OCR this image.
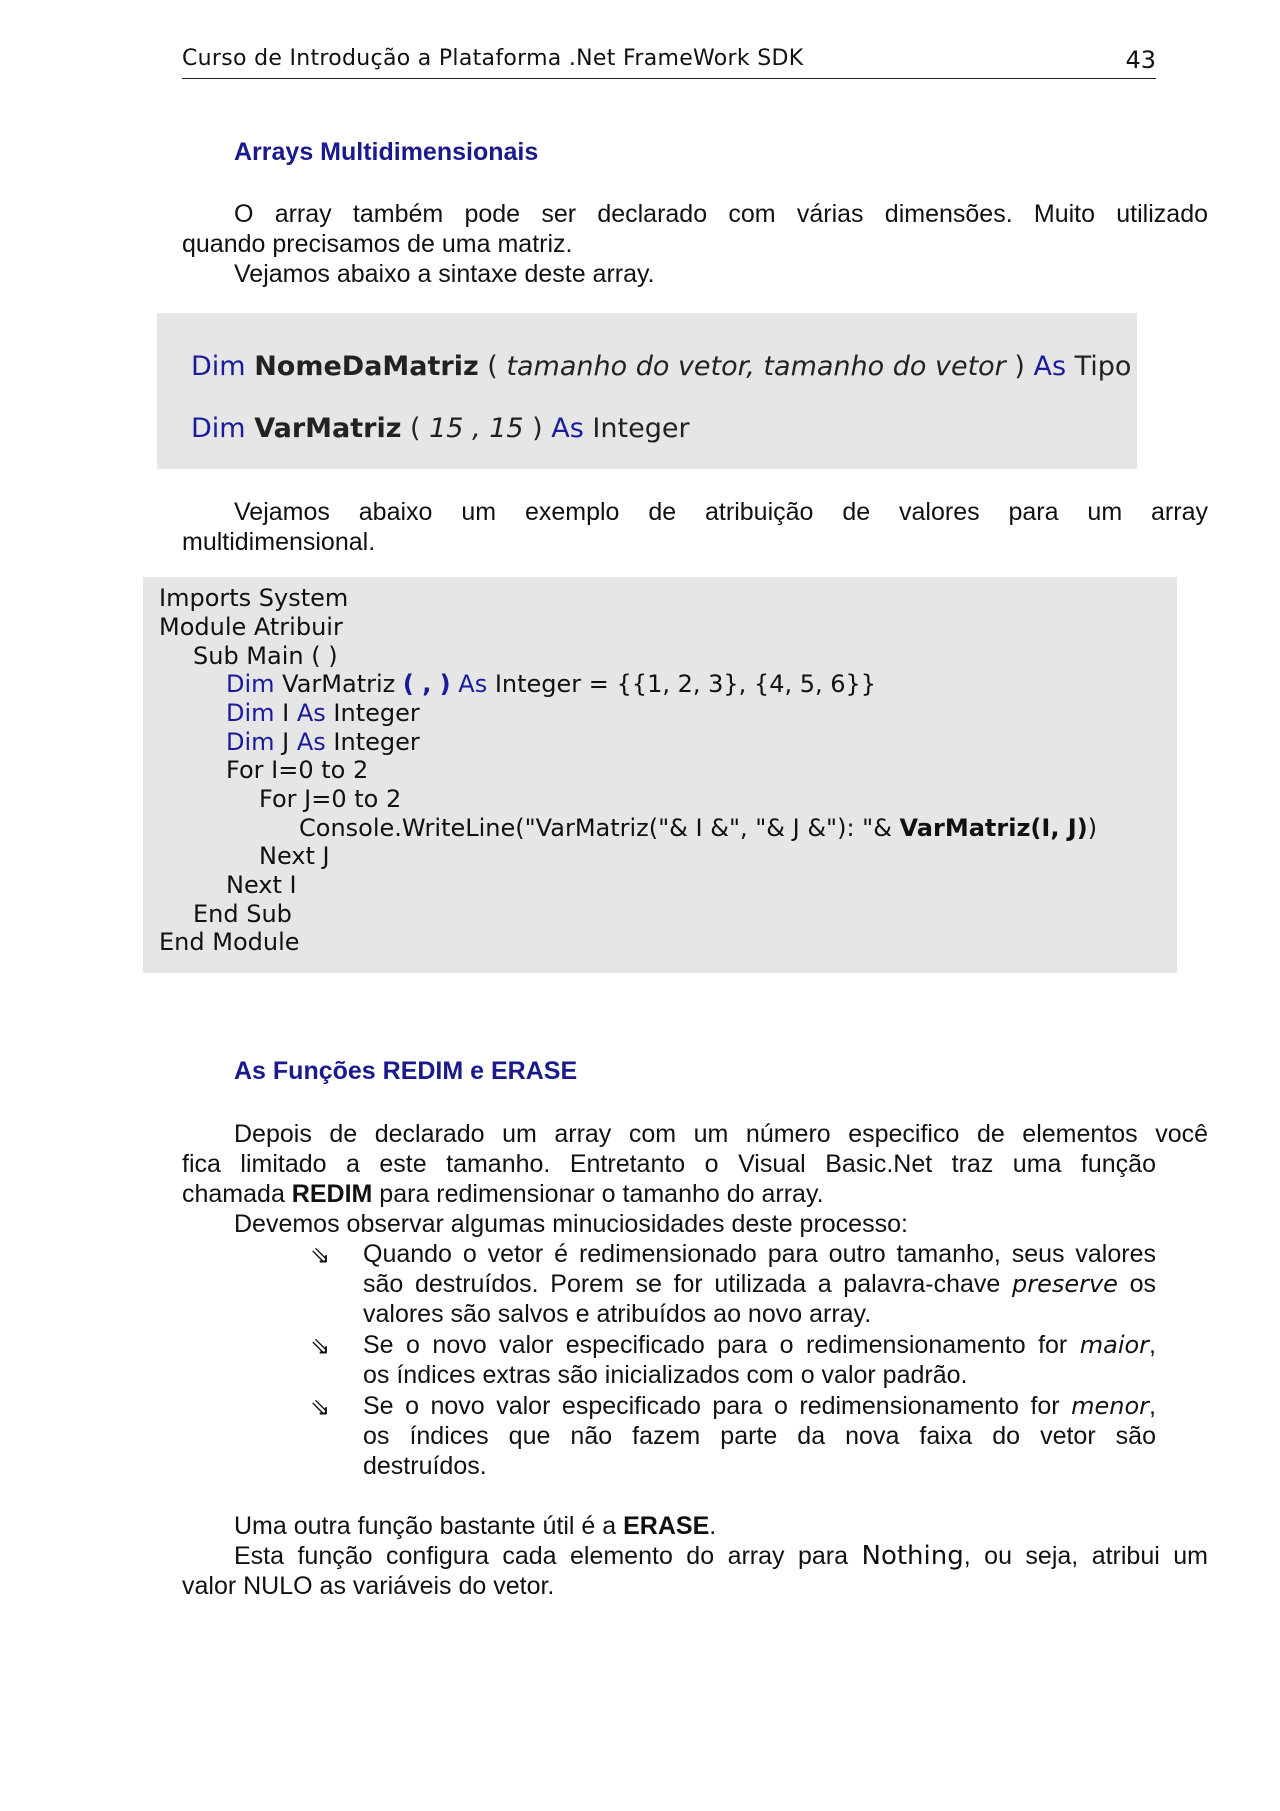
Curso de Introdução a Plataforma .Net FrameWork SDK	43
Arrays Multidimensionais
O array também pode ser declarado com várias dimensões. Muito utilizado
quando precisamos de uma matriz.
Vejamos abaixo a sintaxe deste array.
Dim NomeDaMatriz ( tamanho do vetor, tamanho do vetor ) As Tipo
Dim VarMatriz ( 15 , 15 ) As Integer
Vejamos abaixo um exemplo de atribuição de valores para um array
multidimensional.
Imports System
Module Atribuir
Sub Main ( )
Dim VarMatriz ( , ) As Integer = {{1, 2, 3}, {4, 5, 6}}
Dim I As Integer
Dim J As Integer
For I=0 to 2
For J=0 to 2
Console.WriteLine("VarMatriz("& I &", "& J &"): "& VarMatriz(I, J))
Next J
Next I
End Sub
End Module
As Funções REDIM e ERASE
Depois de declarado um array com um número especifico de elementos você
fica limitado a este tamanho. Entretanto o Visual Basic.Net traz uma função
chamada REDIM para redimensionar o tamanho do array.
Devemos observar algumas minuciosidades deste processo:
⇘ Quando o vetor é redimensionado para outro tamanho, seus valores
são destruídos. Porem se for utilizada a palavra-chave preserve os
valores são salvos e atribuídos ao novo array.
⇘ Se o novo valor especificado para o redimensionamento for maior,
os índices extras são inicializados com o valor padrão.
⇘ Se o novo valor especificado para o redimensionamento for menor,
os índices que não fazem parte da nova faixa do vetor são
destruídos.
Uma outra função bastante útil é a ERASE.
Esta função configura cada elemento do array para Nothing, ou seja, atribui um
valor NULO as variáveis do vetor.
